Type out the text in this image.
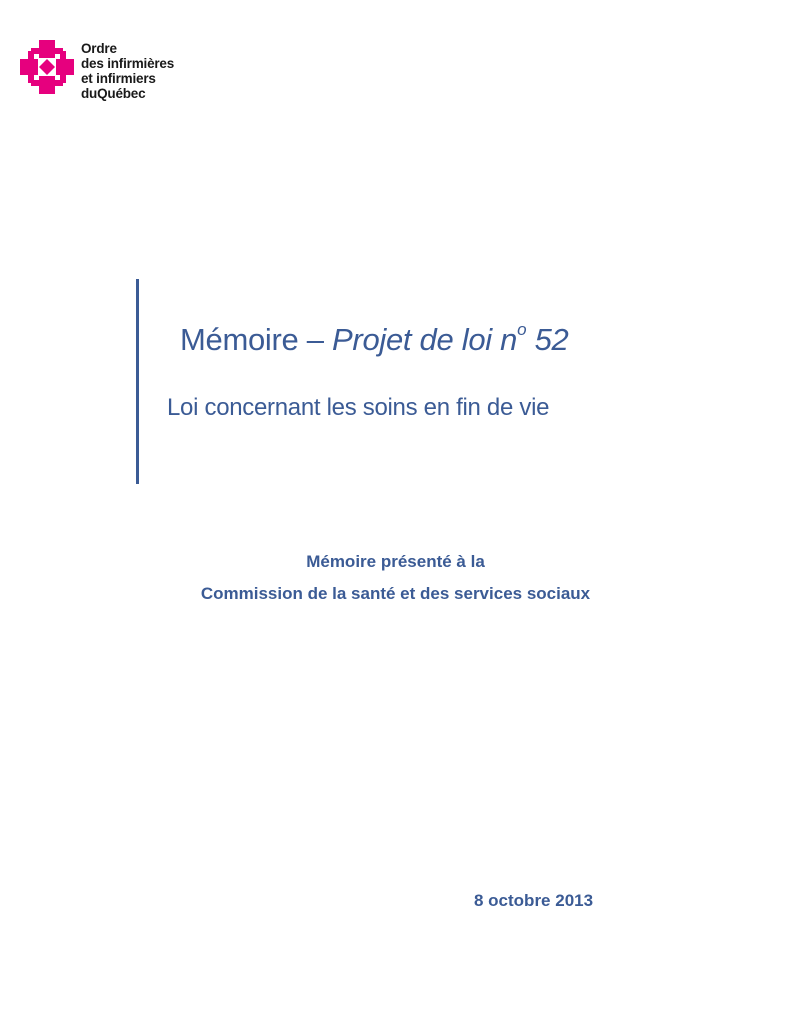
Ordre
des infirmières
et infirmiers
duQuébec
Mémoire – Projet de loi $n^o$ 52
Loi concernant les soins en fin de vie
Mémoire présenté à la
Commission de la santé et des services sociaux
8 octobre 2013
